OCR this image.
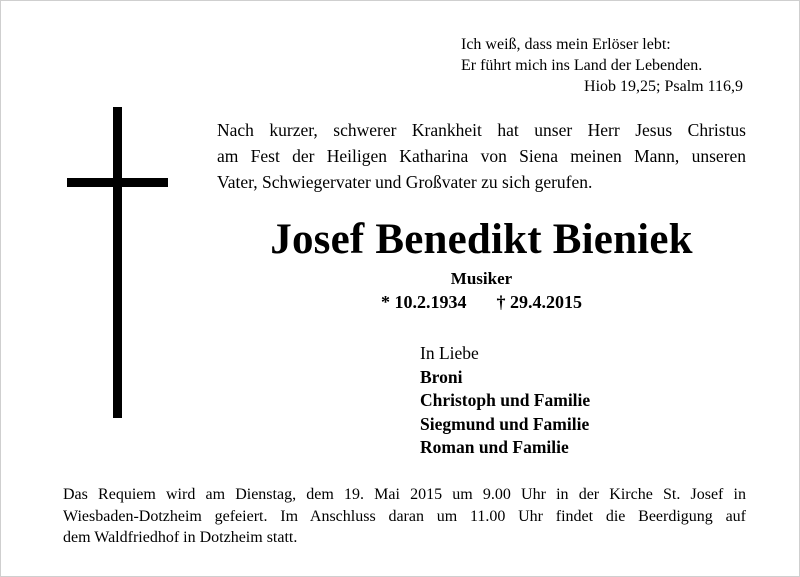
Ich weiß, dass mein Erlöser lebt:
Er führt mich ins Land der Lebenden.
Hiob 19,25; Psalm 116,9
Nach kurzer, schwerer Krankheit hat unser Herr Jesus Christus
am Fest der Heiligen Katharina von Siena meinen Mann, unseren
Vater, Schwiegervater und Großvater zu sich gerufen.
Josef Benedikt Bieniek
Musiker
* 10.2.1934 † 29.4.2015
In Liebe
Broni
Christoph und Familie
Siegmund und Familie
Roman und Familie
Das Requiem wird am Dienstag, dem 19. Mai 2015 um 9.00 Uhr in der Kirche St. Josef in
Wiesbaden-Dotzheim gefeiert. Im Anschluss daran um 11.00 Uhr findet die Beerdigung auf
dem Waldfriedhof in Dotzheim statt.
